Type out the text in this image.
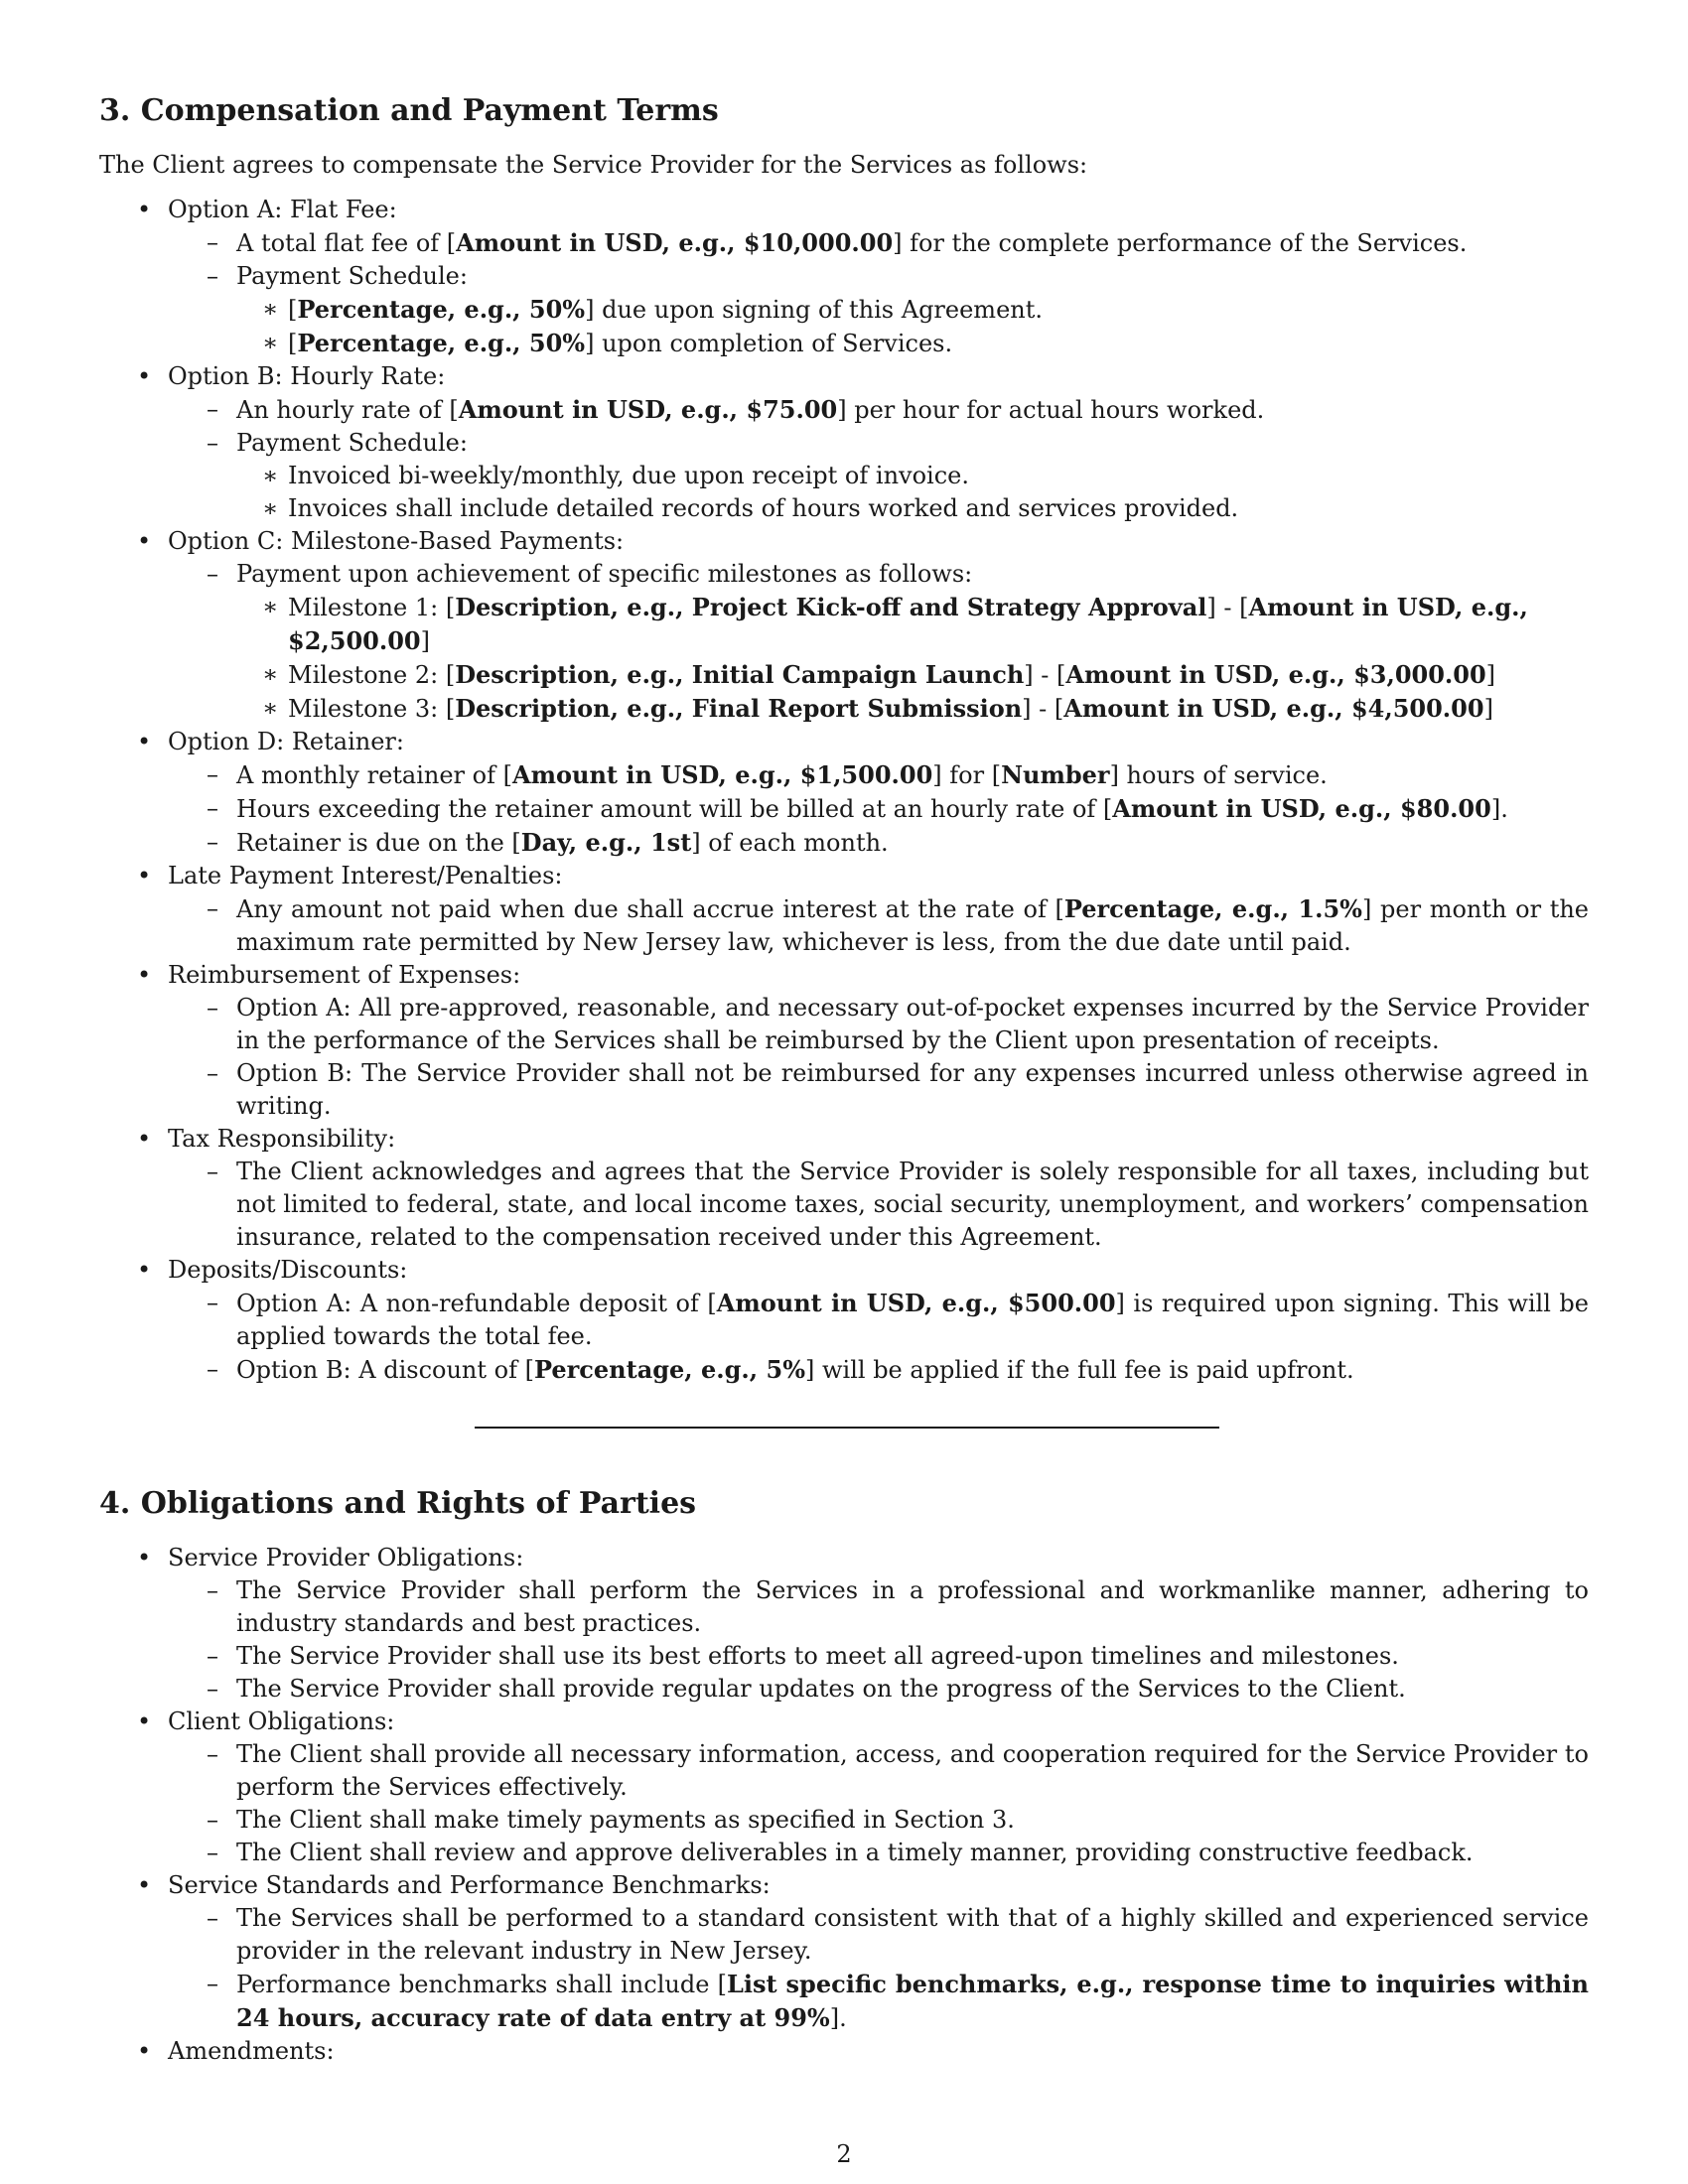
3. Compensation and Payment Terms

The Client agrees to compensate the Service Provider for the Services as follows:

• Option A: Flat Fee:
– A total flat fee of [Amount in USD, e.g., $10,000.00] for the complete performance of the Services.
– Payment Schedule:
∗ [Percentage, e.g., 50%] due upon signing of this Agreement.
∗ [Percentage, e.g., 50%] upon completion of Services.
• Option B: Hourly Rate:
– An hourly rate of [Amount in USD, e.g., $75.00] per hour for actual hours worked.
– Payment Schedule:
∗ Invoiced bi-weekly/monthly, due upon receipt of invoice.
∗ Invoices shall include detailed records of hours worked and services provided.
• Option C: Milestone-Based Payments:
– Payment upon achievement of specific milestones as follows:
∗ Milestone 1: [Description, e.g., Project Kick-off and Strategy Approval] - [Amount in USD, e.g., $2,500.00]
∗ Milestone 2: [Description, e.g., Initial Campaign Launch] - [Amount in USD, e.g., $3,000.00]
∗ Milestone 3: [Description, e.g., Final Report Submission] - [Amount in USD, e.g., $4,500.00]
• Option D: Retainer:
– A monthly retainer of [Amount in USD, e.g., $1,500.00] for [Number] hours of service.
– Hours exceeding the retainer amount will be billed at an hourly rate of [Amount in USD, e.g., $80.00].
– Retainer is due on the [Day, e.g., 1st] of each month.
• Late Payment Interest/Penalties:
– Any amount not paid when due shall accrue interest at the rate of [Percentage, e.g., 1.5%] per month or the maximum rate permitted by New Jersey law, whichever is less, from the due date until paid.
• Reimbursement of Expenses:
– Option A: All pre-approved, reasonable, and necessary out-of-pocket expenses incurred by the Service Provider in the performance of the Services shall be reimbursed by the Client upon presentation of receipts.
– Option B: The Service Provider shall not be reimbursed for any expenses incurred unless otherwise agreed in writing.
• Tax Responsibility:
– The Client acknowledges and agrees that the Service Provider is solely responsible for all taxes, including but not limited to federal, state, and local income taxes, social security, unemployment, and workers’ compensation insurance, related to the compensation received under this Agreement.
• Deposits/Discounts:
– Option A: A non-refundable deposit of [Amount in USD, e.g., $500.00] is required upon signing. This will be applied towards the total fee.
– Option B: A discount of [Percentage, e.g., 5%] will be applied if the full fee is paid upfront.
4. Obligations and Rights of Parties
• Service Provider Obligations:
– The Service Provider shall perform the Services in a professional and workmanlike manner, adhering to industry standards and best practices.
– The Service Provider shall use its best efforts to meet all agreed-upon timelines and milestones.
– The Service Provider shall provide regular updates on the progress of the Services to the Client.
• Client Obligations:
– The Client shall provide all necessary information, access, and cooperation required for the Service Provider to perform the Services effectively.
– The Client shall make timely payments as specified in Section 3.
– The Client shall review and approve deliverables in a timely manner, providing constructive feedback.
• Service Standards and Performance Benchmarks:
– The Services shall be performed to a standard consistent with that of a highly skilled and experienced service provider in the relevant industry in New Jersey.
– Performance benchmarks shall include [List specific benchmarks, e.g., response time to inquiries within 24 hours, accuracy rate of data entry at 99%].
• Amendments:
2
